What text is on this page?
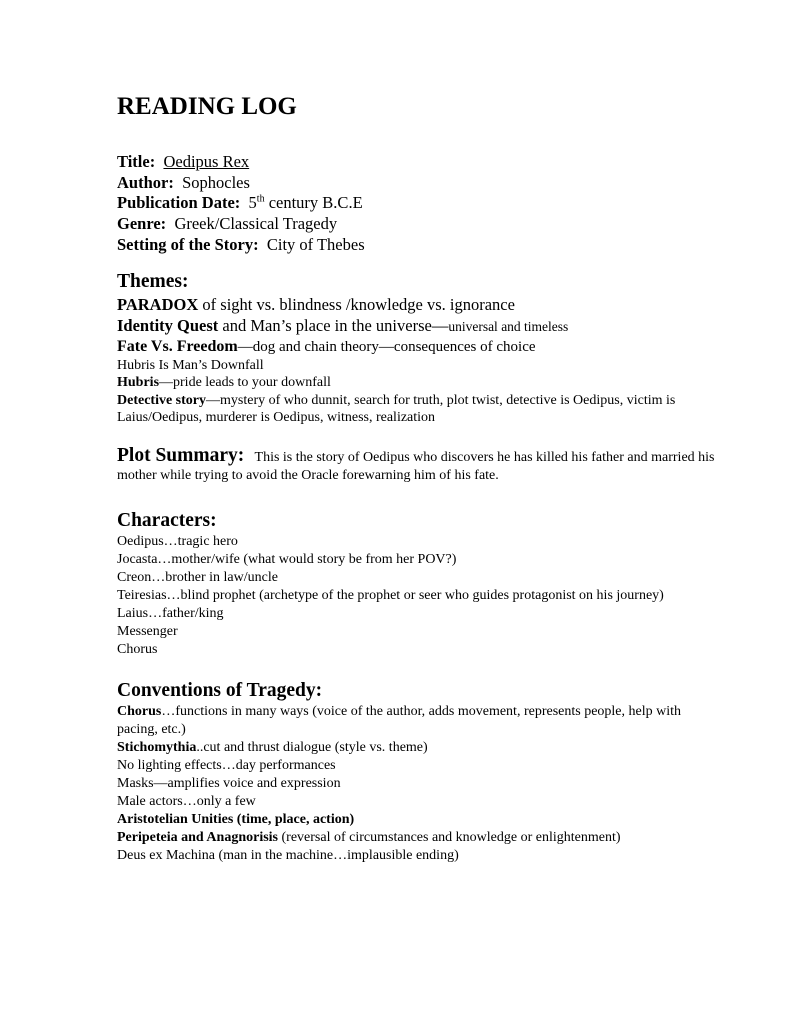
READING LOG
Title: Oedipus Rex
Author: Sophocles
Publication Date: 5th century B.C.E
Genre: Greek/Classical Tragedy
Setting of the Story: City of Thebes
Themes:
PARADOX of sight vs. blindness /knowledge vs. ignorance
Identity Quest and Man’s place in the universe—universal and timeless
Fate Vs. Freedom—dog and chain theory—consequences of choice
Hubris Is Man’s Downfall
Hubris—pride leads to your downfall
Detective story—mystery of who dunnit, search for truth, plot twist, detective is Oedipus, victim is Laius/Oedipus, murderer is Oedipus, witness, realization
Plot Summary: This is the story of Oedipus who discovers he has killed his father and married his mother while trying to avoid the Oracle forewarning him of his fate.
Characters:
Oedipus…tragic hero
Jocasta…mother/wife (what would story be from her POV?)
Creon…brother in law/uncle
Teiresias…blind prophet (archetype of the prophet or seer who guides protagonist on his journey)
Laius…father/king
Messenger
Chorus
Conventions of Tragedy:
Chorus…functions in many ways (voice of the author, adds movement, represents people, help with pacing, etc.)
Stichomythia..cut and thrust dialogue (style vs. theme)
No lighting effects…day performances
Masks—amplifies voice and expression
Male actors…only a few
Aristotelian Unities (time, place, action)
Peripeteia and Anagnorisis (reversal of circumstances and knowledge or enlightenment)
Deus ex Machina (man in the machine…implausible ending)
